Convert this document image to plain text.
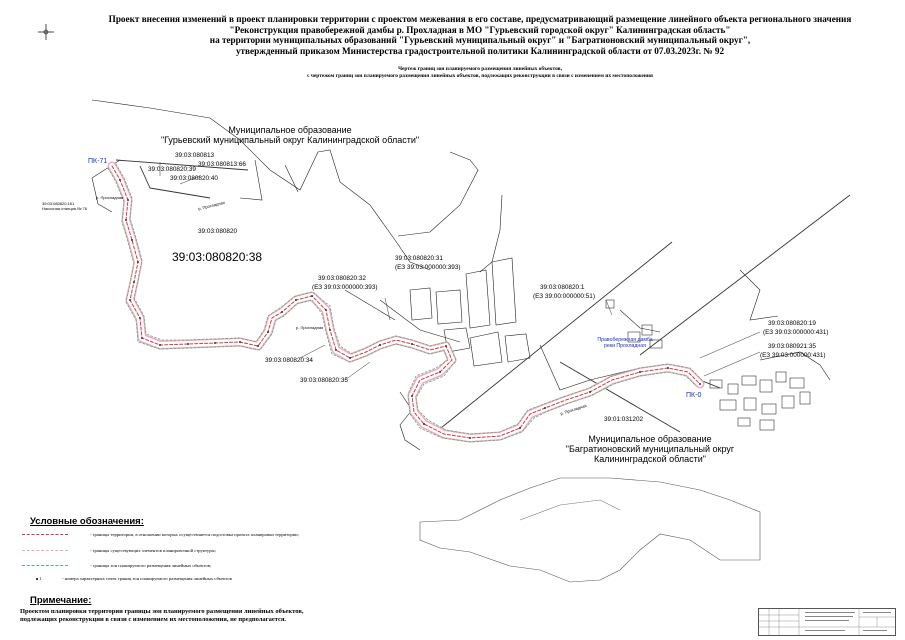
Проект внесения изменений в проект планировки территории с проектом межевания в его составе, предусматривающий размещение линейного объекта регионального значения
"Реконструкция правобережной дамбы р. Прохладная в МО "Гурьевский городской округ" Калининградская область"
на территории муниципальных образований "Гурьевский муниципальный округ" и "Багратионовский муниципальный округ",
утвержденный приказом Министерства градостроительной политики Калининградской области от 07.03.2023г. № 92
Чертеж границ зон планируемого размещения линейных объектов,
с чертежом границ зон планируемого размещения линейных объектов, подлежащих реконструкции в связи с изменением их местоположения
Муниципальное образование
"Гурьевский муниципальный округ Калининградской области"
Муниципальное образование
"Багратионовский муниципальный округ
Калининградской области"
ПК-71
ПК-0
39:03:080813
39:03:080813:66
39:03:080820:39
39:03:080820:40
39:03:080820
39:03:080820:38	39:03:080820:31
(ЕЗ 39:03:000000:393)
39:03:080820:32
(ЕЗ 39:03:000000:393)
39:03:080820:34
39:03:080820:35
39:03:080820:1
(ЕЗ 39:00:000000:51)
39:03:080820:19
(ЕЗ 39:03:000000:431)
39:03:080921:35
(ЕЗ 39:03:000000:431)
39:01:031202
р. Прохладная
р. Прохладная
р. Прохладная
р. Прохладная
39:03:080820:161
Насосная станция № 76
Правобережная дамба
реки Прохладная
Условные обозначения:
- границы территории, в отношении которых осуществляется подготовка проекта планировки территории;
- границы существующих элементов планировочной структуры;
- границы зон планируемого размещения линейных объектов;
1	- номера характерных точек границ зон планируемого размещения линейных объектов
Примечание:
Проектом планировки территории границы зон планируемого размещения линейных объектов,
подлежащих реконструкции в связи с изменением их местоположения, не предполагается.
